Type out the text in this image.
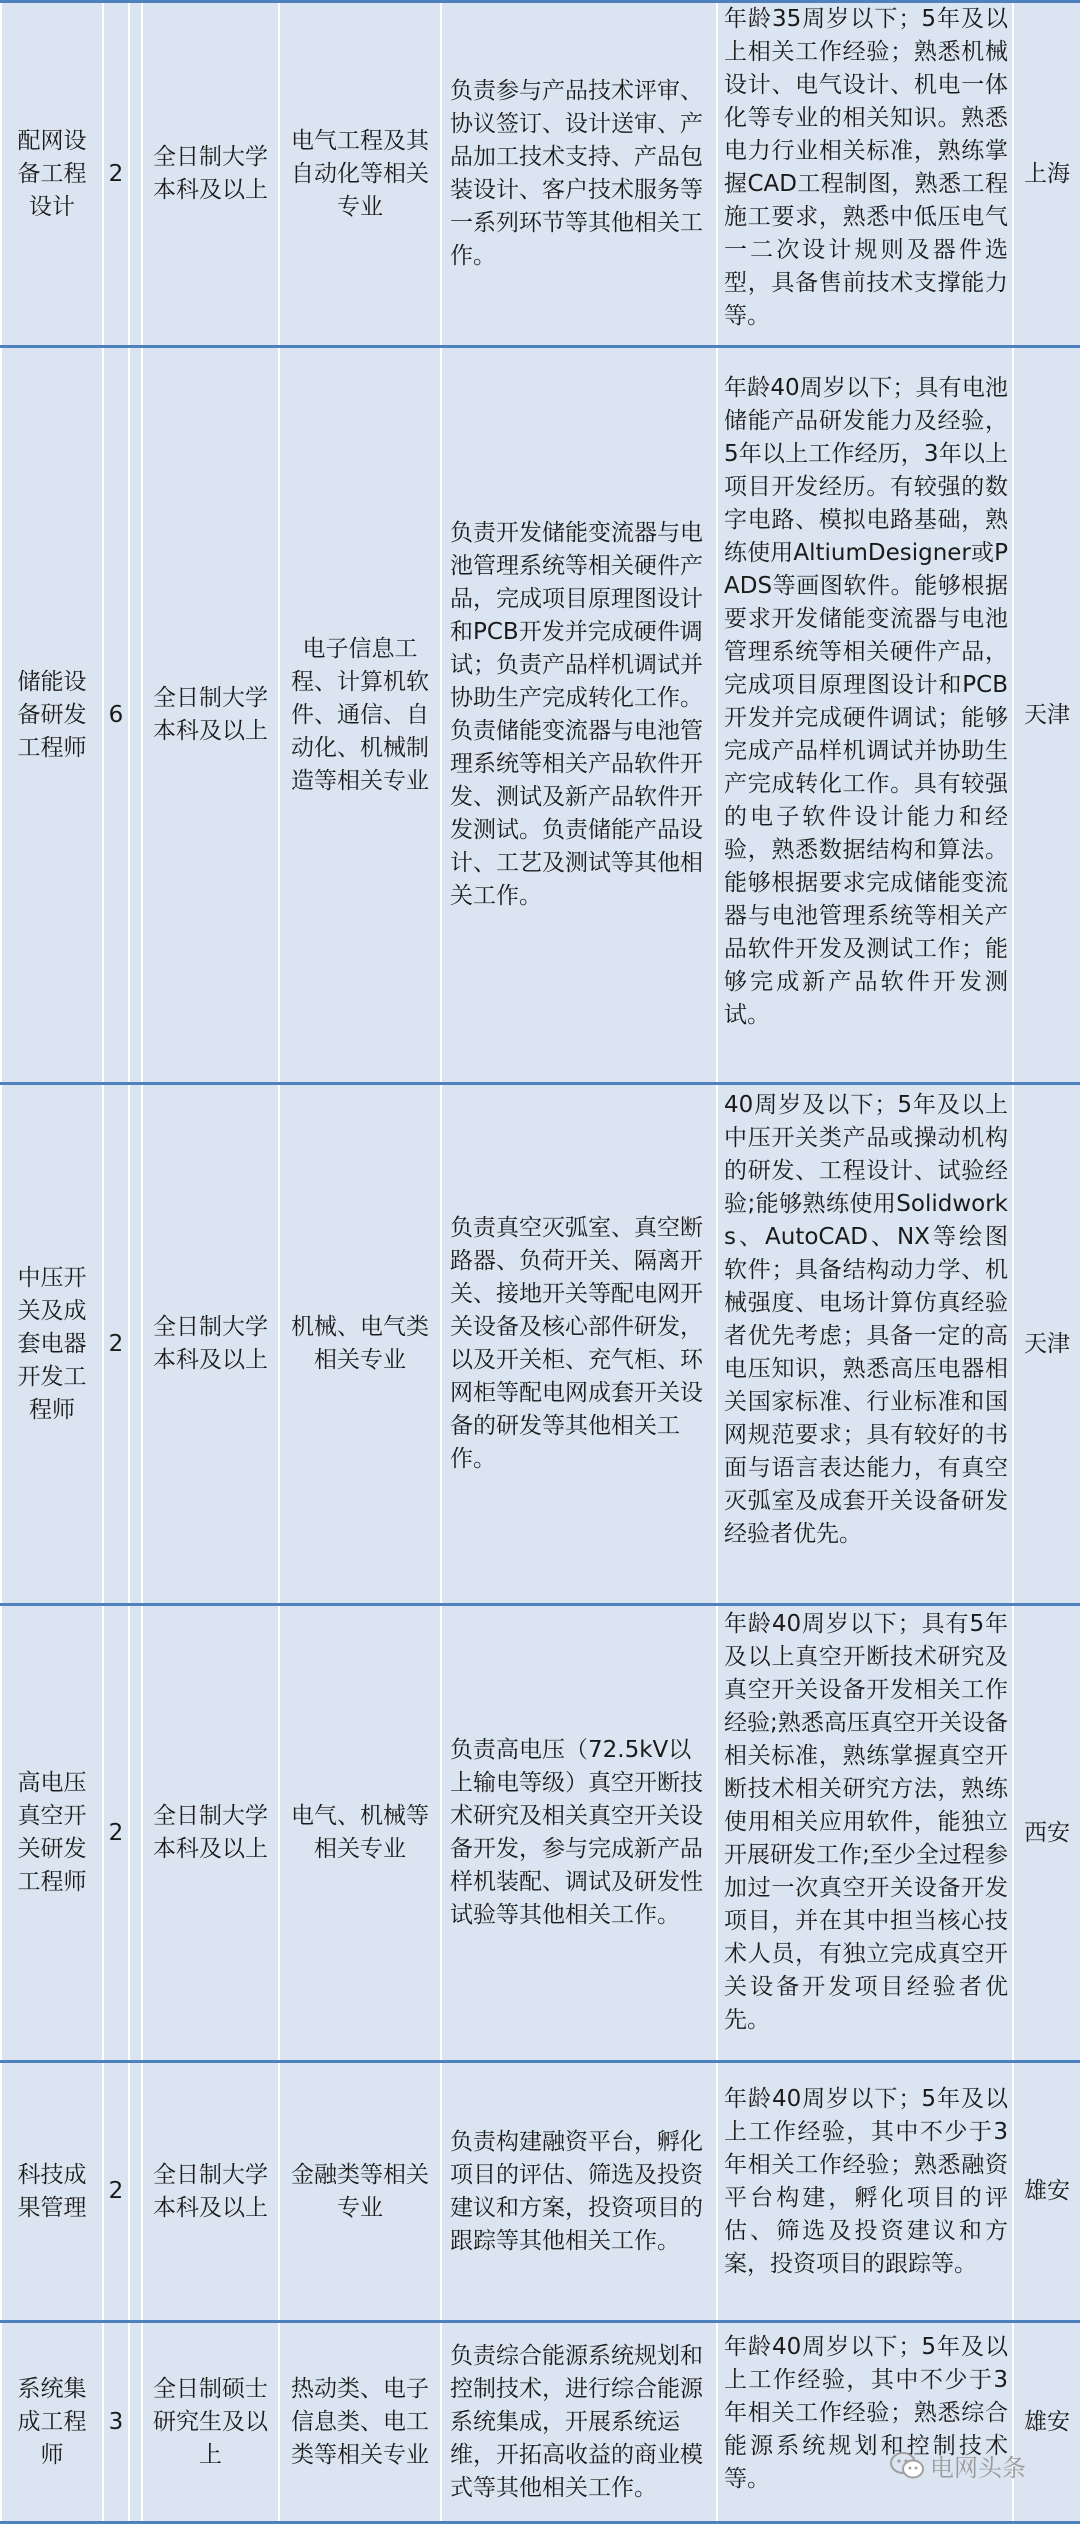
配网设备工程设计	2		全日制大学本科及以上	电气工程及其自动化等相关专业	负责参与产品技术评审、协议签订、设计送审、产品加工技术支持、产品包装设计、客户技术服务等一系列环节等其他相关工作。	年龄35周岁以下；5年及以上相关工作经验；熟悉机械设计、电气设计、机电一体化等专业的相关知识。熟悉电力行业相关标准，熟练掌握CAD工程制图，熟悉工程施工要求，熟悉中低压电气一二次设计规则及器件选型，具备售前技术支撑能力等。	上海
储能设备研发工程师	6		全日制大学本科及以上	电子信息工程、计算机软件、通信、自动化、机械制造等相关专业	负责开发储能变流器与电池管理系统等相关硬件产品，完成项目原理图设计和PCB开发并完成硬件调试；负责产品样机调试并协助生产完成转化工作。负责储能变流器与电池管理系统等相关产品软件开发、测试及新产品软件开发测试。负责储能产品设计、工艺及测试等其他相关工作。	年龄40周岁以下；具有电池储能产品研发能力及经验，5年以上工作经历，3年以上项目开发经历。有较强的数字电路、模拟电路基础，熟练使用AltiumDesigner或PADS等画图软件。能够根据要求开发储能变流器与电池管理系统等相关硬件产品，完成项目原理图设计和PCB开发并完成硬件调试；能够完成产品样机调试并协助生产完成转化工作。具有较强的电子软件设计能力和经验，熟悉数据结构和算法。能够根据要求完成储能变流器与电池管理系统等相关产品软件开发及测试工作；能够完成新产品软件开发测试。	天津
中压开关及成套电器开发工程师	2		全日制大学本科及以上	机械、电气类相关专业	负责真空灭弧室、真空断路器、负荷开关、隔离开关、接地开关等配电网开关设备及核心部件研发，以及开关柜、充气柜、环网柜等配电网成套开关设备的研发等其他相关工作。	40周岁及以下；5年及以上中压开关类产品或操动机构的研发、工程设计、试验经验;能够熟练使用Solidworks、AutoCAD、NX等绘图软件；具备结构动力学、机械强度、电场计算仿真经验者优先考虑；具备一定的高电压知识，熟悉高压电器相关国家标准、行业标准和国网规范要求；具有较好的书面与语言表达能力，有真空灭弧室及成套开关设备研发经验者优先。	天津
高电压真空开关研发工程师	2		全日制大学本科及以上	电气、机械等相关专业	负责高电压（72.5kV以上输电等级）真空开断技术研究及相关真空开关设备开发，参与完成新产品样机装配、调试及研发性试验等其他相关工作。	年龄40周岁以下；具有5年及以上真空开断技术研究及真空开关设备开发相关工作经验;熟悉高压真空开关设备相关标准，熟练掌握真空开断技术相关研究方法，熟练使用相关应用软件，能独立开展研发工作;至少全过程参加过一次真空开关设备开发项目，并在其中担当核心技术人员，有独立完成真空开关设备开发项目经验者优先。	西安
科技成果管理	2		全日制大学本科及以上	金融类等相关专业	负责构建融资平台，孵化项目的评估、筛选及投资建议和方案，投资项目的跟踪等其他相关工作。	年龄40周岁以下；5年及以上工作经验，其中不少于3年相关工作经验；熟悉融资平台构建，孵化项目的评估、筛选及投资建议和方案，投资项目的跟踪等。	雄安
系统集成工程师	3		全日制硕士研究生及以上	热动类、电子信息类、电工类等相关专业	负责综合能源系统规划和控制技术，进行综合能源系统集成，开展系统运维，开拓高收益的商业模式等其他相关工作。	年龄40周岁以下；5年及以上工作经验，其中不少于3年相关工作经验；熟悉综合能源系统规划和控制技术等。	雄安
电网头条
